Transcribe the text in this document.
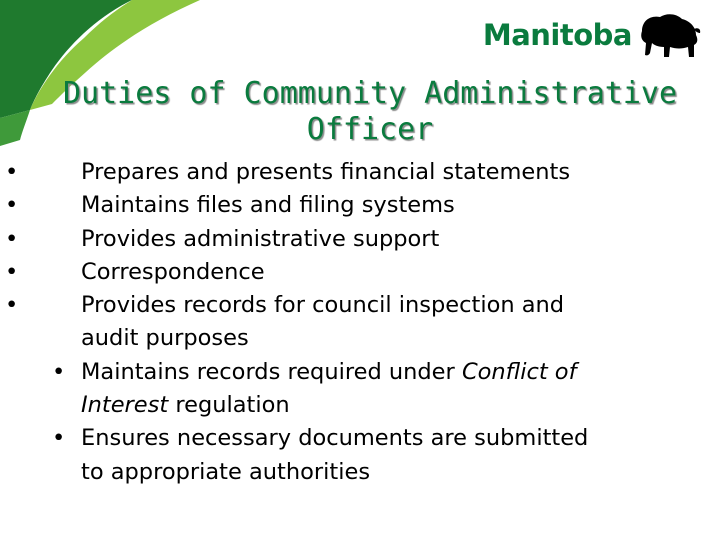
Manitoba
Duties of Community Administrative
Officer
•	Prepares and presents financial statements
•	Maintains files and filing systems
•	Provides administrative support
•	Correspondence
•	Provides records for council inspection and
audit purposes
• Maintains records required under Conflict of
Interest regulation
• Ensures necessary documents are submitted
to appropriate authorities
